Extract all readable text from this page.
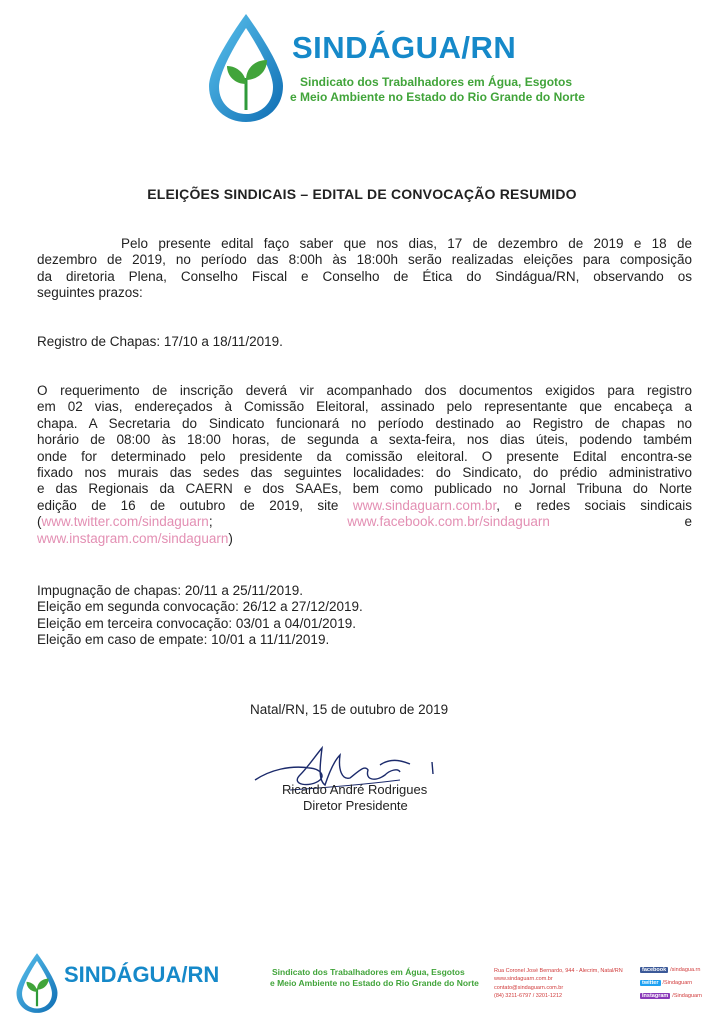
SINDÁGUA/RN
Sindicato dos Trabalhadores em Água, Esgotos
e Meio Ambiente no Estado do Rio Grande do Norte
ELEIÇÕES SINDICAIS – EDITAL DE CONVOCAÇÃO RESUMIDO
Pelo presente edital faço saber que nos dias, 17 de dezembro de 2019 e 18 de
dezembro de 2019, no período das 8:00h às 18:00h serão realizadas eleições para composição
da diretoria Plena, Conselho Fiscal e Conselho de Ética do Sindágua/RN, observando os
seguintes prazos:
Registro de Chapas: 17/10 a 18/11/2019.
O requerimento de inscrição deverá vir acompanhado dos documentos exigidos para registro
em 02 vias, endereçados à Comissão Eleitoral, assinado pelo representante que encabeça a
chapa. A Secretaria do Sindicato funcionará no período destinado ao Registro de chapas no
horário de 08:00 às 18:00 horas, de segunda a sexta-feira, nos dias úteis, podendo também
onde for determinado pelo presidente da comissão eleitoral. O presente Edital encontra-se
fixado nos murais das sedes das seguintes localidades: do Sindicato, do prédio administrativo
e das Regionais da CAERN e dos SAAEs, bem como publicado no Jornal Tribuna do Norte
edição de 16 de outubro de 2019, site www.sindaguarn.com.br, e redes sociais sindicais
(www.twitter.com/sindaguarn;	www.facebook.com.br/sindaguarn	e
www.instagram.com/sindaguarn)
Impugnação de chapas: 20/11 a 25/11/2019.
Eleição em segunda convocação: 26/12 a 27/12/2019.
Eleição em terceira convocação: 03/01 a 04/01/2019.
Eleição em caso de empate: 10/01 a 11/11/2019.
Natal/RN, 15 de outubro de 2019
Ricardo André Rodrigues
Diretor Presidente
SINDÁGUA/RN	Sindicato dos Trabalhadores em Água, Esgotos
e Meio Ambiente no Estado do Rio Grande do Norte
Rua Coronel José Bernardo, 944 - Alecrim, Natal/RN
www.sindaguarn.com.br
contato@sindaguarn.com.br
(84) 3211-6797 / 3201-1212
facebook /sindagua.rn
twitter /Sindaguarn
Instagram /Sindaguarn
